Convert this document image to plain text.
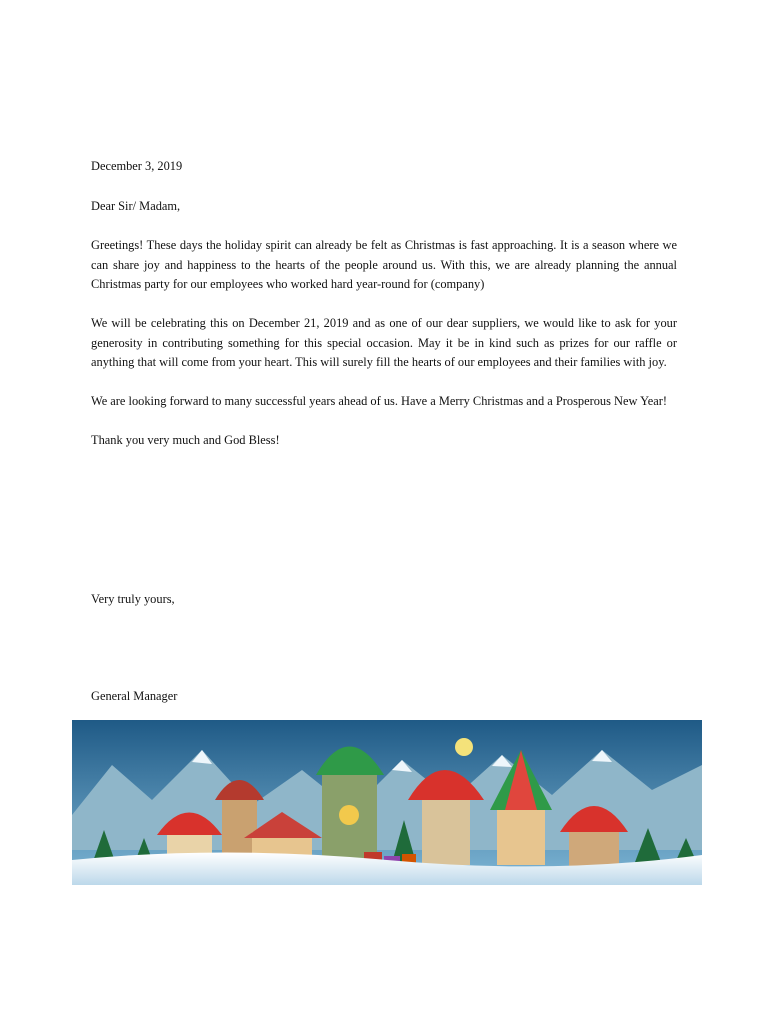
December 3, 2019

Dear Sir/ Madam,

Greetings! These days the holiday spirit can already be felt as Christmas is fast approaching. It is a season where we can share joy and happiness to the hearts of the people around us. With this, we are already planning the annual Christmas party for our employees who worked hard year-round for (company)

We will be celebrating this on December 21, 2019 and as one of our dear suppliers, we would like to ask for your generosity in contributing something for this special occasion. May it be in kind such as prizes for our raffle or anything that will come from your heart. This will surely fill the hearts of our employees and their families with joy.

We are looking forward to many successful years ahead of us. Have a Merry Christmas and a Prosperous New Year!

Thank you very much and God Bless!

Very truly yours,
General Manager
